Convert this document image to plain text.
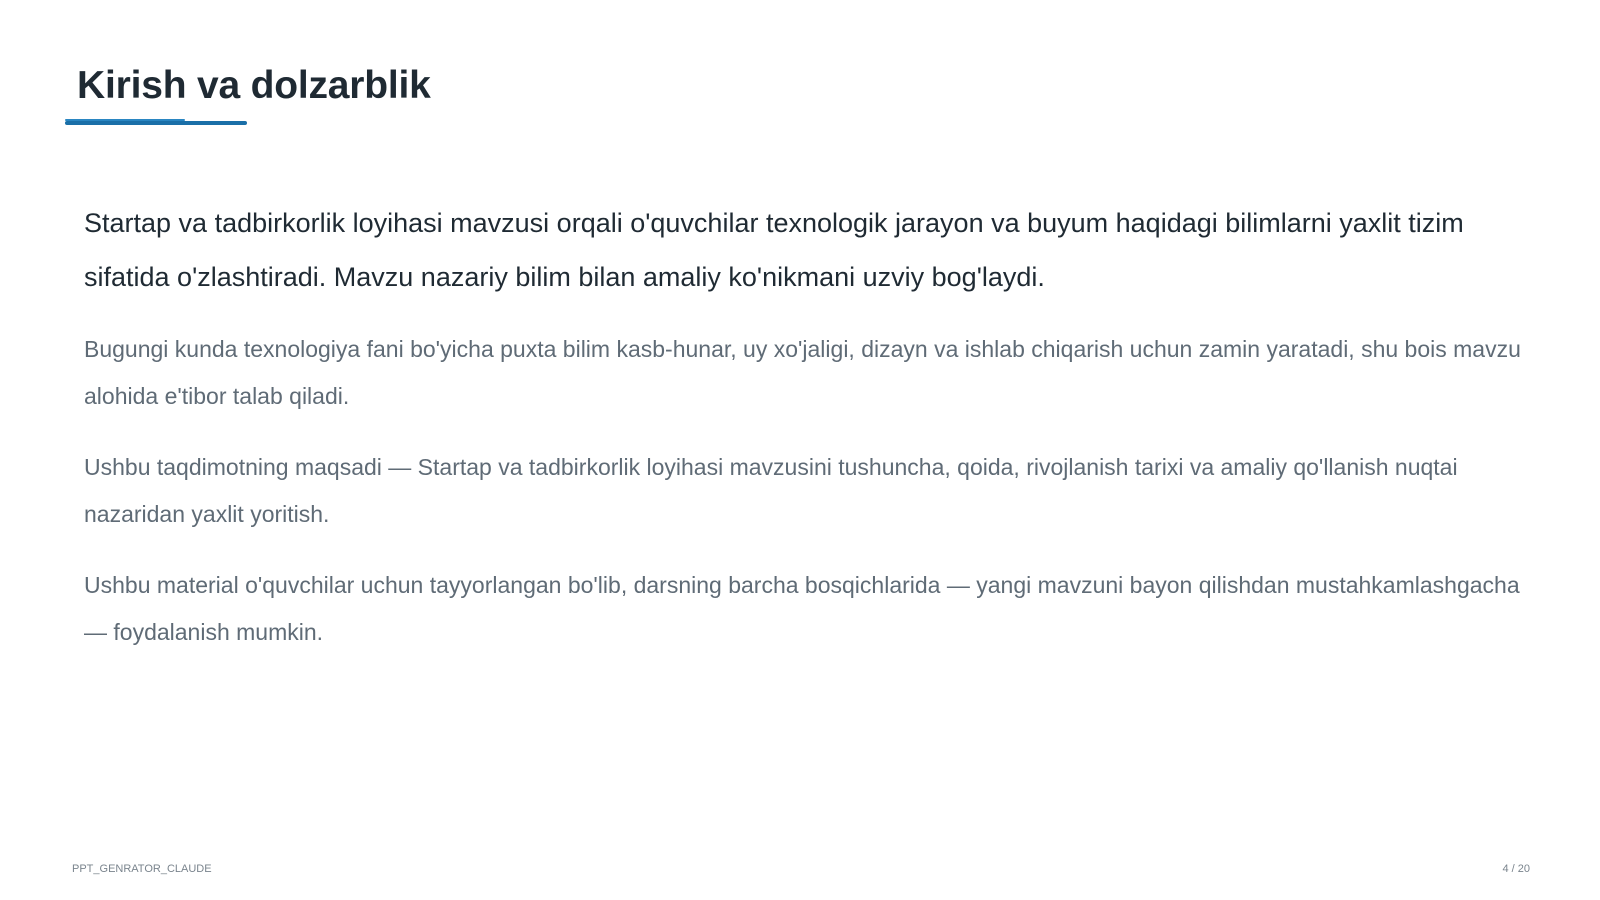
Kirish va dolzarblik

Startap va tadbirkorlik loyihasi mavzusi orqali o'quvchilar texnologik jarayon va buyum haqidagi bilimlarni yaxlit tizim sifatida o'zlashtiradi. Mavzu nazariy bilim bilan amaliy ko'nikmani uzviy bog'laydi.

Bugungi kunda texnologiya fani bo'yicha puxta bilim kasb-hunar, uy xo'jaligi, dizayn va ishlab chiqarish uchun zamin yaratadi, shu bois mavzu alohida e'tibor talab qiladi.

Ushbu taqdimotning maqsadi — Startap va tadbirkorlik loyihasi mavzusini tushuncha, qoida, rivojlanish tarixi va amaliy qo'llanish nuqtai nazaridan yaxlit yoritish.

Ushbu material o'quvchilar uchun tayyorlangan bo'lib, darsning barcha bosqichlarida — yangi mavzuni bayon qilishdan mustahkamlashgacha — foydalanish mumkin.

PPT_GENRATOR_CLAUDE	4 / 20
